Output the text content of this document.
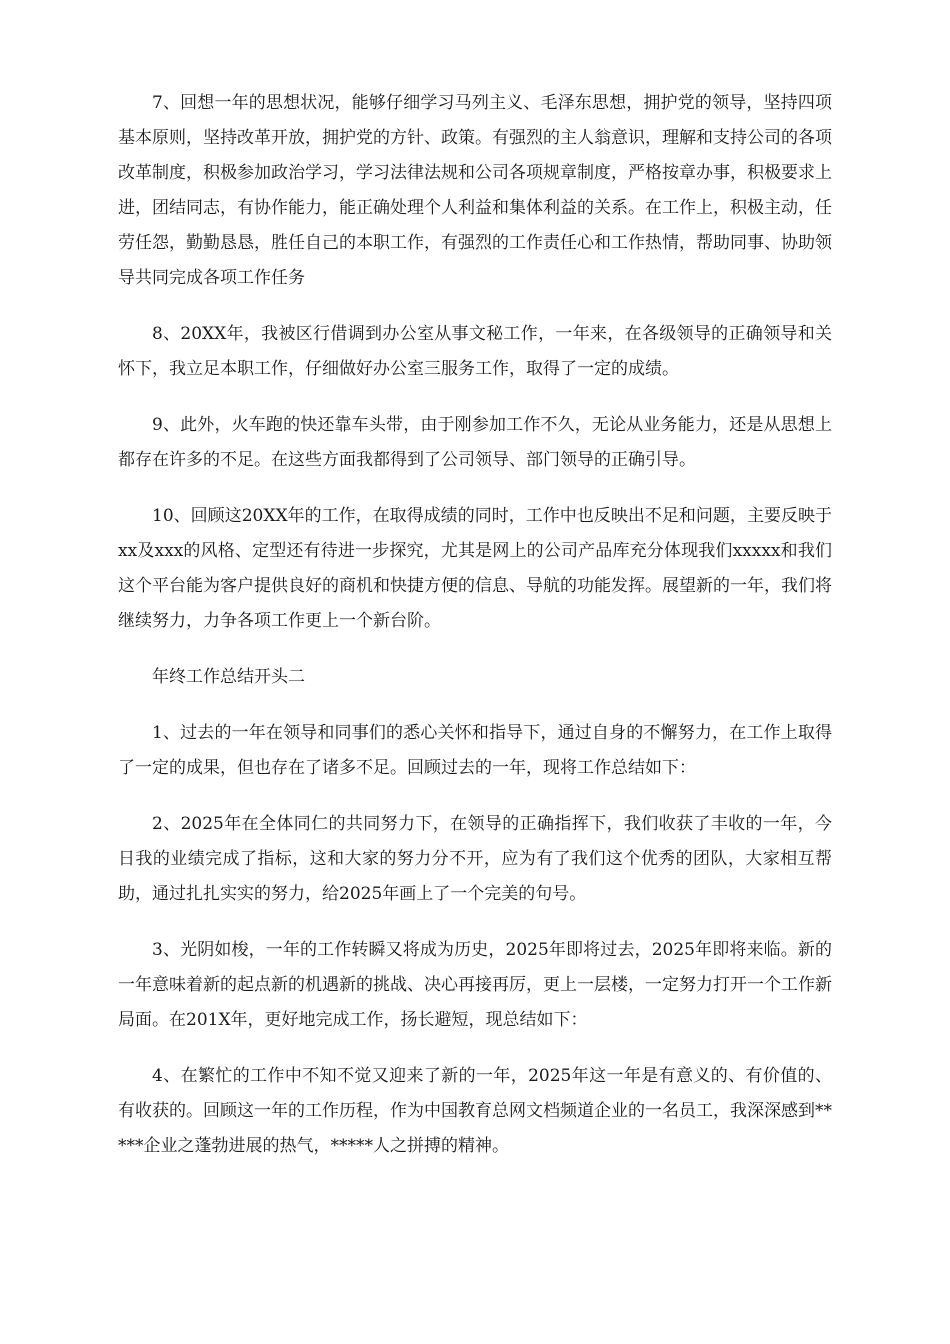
7、回想一年的思想状况，能够仔细学习马列主义、毛泽东思想，拥护党的领导，坚持四项基本原则，坚持改革开放，拥护党的方针、政策。有强烈的主人翁意识，理解和支持公司的各项改革制度，积极参加政治学习，学习法律法规和公司各项规章制度，严格按章办事，积极要求上进，团结同志，有协作能力，能正确处理个人利益和集体利益的关系。在工作上，积极主动，任劳任怨，勤勤恳恳，胜任自己的本职工作，有强烈的工作责任心和工作热情，帮助同事、协助领导共同完成各项工作任务

8、20XX年，我被区行借调到办公室从事文秘工作，一年来，在各级领导的正确领导和关怀下，我立足本职工作，仔细做好办公室三服务工作，取得了一定的成绩。

9、此外，火车跑的快还靠车头带，由于刚参加工作不久，无论从业务能力，还是从思想上都存在许多的不足。在这些方面我都得到了公司领导、部门领导的正确引导。

10、回顾这20XX年的工作，在取得成绩的同时，工作中也反映出不足和问题，主要反映于xx及xxx的风格、定型还有待进一步探究，尤其是网上的公司产品库充分体现我们xxxxx和我们这个平台能为客户提供良好的商机和快捷方便的信息、导航的功能发挥。展望新的一年，我们将继续努力，力争各项工作更上一个新台阶。

年终工作总结开头二

1、过去的一年在领导和同事们的悉心关怀和指导下，通过自身的不懈努力，在工作上取得了一定的成果，但也存在了诸多不足。回顾过去的一年，现将工作总结如下：

2、2025年在全体同仁的共同努力下，在领导的正确指挥下，我们收获了丰收的一年，今日我的业绩完成了指标，这和大家的努力分不开，应为有了我们这个优秀的团队，大家相互帮助，通过扎扎实实的努力，给2025年画上了一个完美的句号。

3、光阴如梭，一年的工作转瞬又将成为历史，2025年即将过去，2025年即将来临。新的一年意味着新的起点新的机遇新的挑战、决心再接再厉，更上一层楼，一定努力打开一个工作新局面。在201X年，更好地完成工作，扬长避短，现总结如下：

4、在繁忙的工作中不知不觉又迎来了新的一年，2025年这一年是有意义的、有价值的、有收获的。回顾这一年的工作历程，作为中国教育总网文档频道企业的一名员工，我深深感到*****企业之蓬勃进展的热气，*****人之拼搏的精神。
